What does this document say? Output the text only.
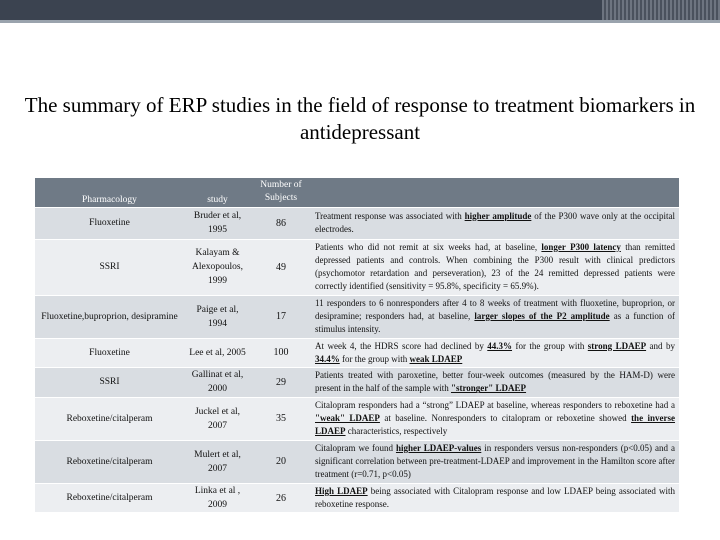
The summary of ERP studies in the field of response to treatment biomarkers in antidepressant
Pharmacology	study	Number of Subjects	
Fluoxetine	Bruder et al, 1995	86	Treatment response was associated with higher amplitude of the P300 wave only at the occipital electrodes.
SSRI	Kalayam & Alexopoulos, 1999	49	Patients who did not remit at six weeks had, at baseline, longer P300 latency than remitted depressed patients and controls. When combining the P300 result with clinical predictors (psychomotor retardation and perseveration), 23 of the 24 remitted depressed patients were correctly identified (sensitivity = 95.8%, specificity = 65.9%).
Fluoxetine,buproprion, desipramine	Paige et al, 1994	17	11 responders to 6 nonresponders after 4 to 8 weeks of treatment with fluoxetine, buproprion, or desipramine; responders had, at baseline, larger slopes of the P2 amplitude as a function of stimulus intensity.
Fluoxetine	Lee et al, 2005	100	At week 4, the HDRS score had declined by 44.3% for the group with strong LDAEP and by 34.4% for the group with weak LDAEP
SSRI	Gallinat et al, 2000	29	Patients treated with paroxetine, better four-week outcomes (measured by the HAM-D) were present in the half of the sample with "stronger" LDAEP
Reboxetine/citalperam	Juckel et al, 2007	35	Citalopram responders had a “strong” LDAEP at baseline, whereas responders to reboxetine had a "weak" LDAEP at baseline. Nonresponders to citalopram or reboxetine showed the inverse LDAEP characteristics, respectively
Reboxetine/citalperam	Mulert et al, 2007	20	Citalopram we found higher LDAEP-values in responders versus non-responders (p<0.05) and a significant correlation between pre-treatment-LDAEP and improvement in the Hamilton score after treatment (r=0.71, p<0.05)
Reboxetine/citalperam	Linka et al , 2009	26	High LDAEP being associated with Citalopram response and low LDAEP being associated with reboxetine response.
